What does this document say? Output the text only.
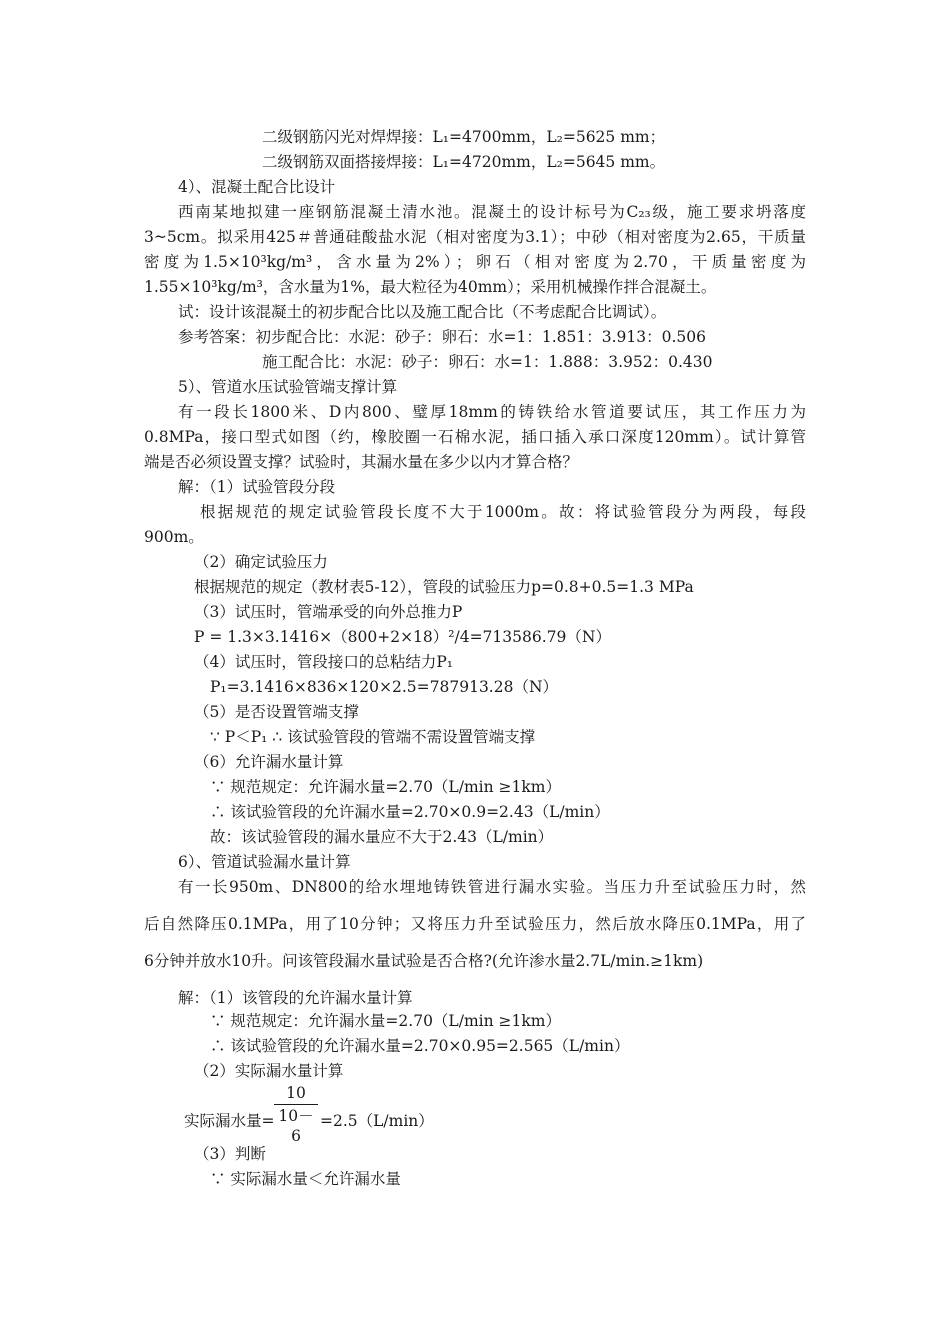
二级钢筋闪光对焊焊接：L₁=4700mm，L₂=5625 mm；
二级钢筋双面搭接焊接：L₁=4720mm，L₂=5645 mm。
4）、混凝土配合比设计
西南某地拟建一座钢筋混凝土清水池。混凝土的设计标号为C₂₃级，施工要求坍落度
3~5cm。拟采用425＃普通硅酸盐水泥（相对密度为3.1）；中砂（相对密度为2.65，干质量
密度为1.5×10³kg/m³，含水量为2%）；卵石（相对密度为2.70，干质量密度为
1.55×10³kg/m³，含水量为1%，最大粒径为40mm）；采用机械操作拌合混凝土。
试：设计该混凝土的初步配合比以及施工配合比（不考虑配合比调试）。
参考答案：初步配合比：水泥：砂子：卵石：水=1：1.851：3.913：0.506
施工配合比：水泥：砂子：卵石：水=1：1.888：3.952：0.430
5）、管道水压试验管端支撑计算
有一段长1800米、D内800、璧厚18mm的铸铁给水管道要试压，其工作压力为
0.8MPa，接口型式如图（约，橡胶圈一石棉水泥，插口插入承口深度120mm）。试计算管
端是否必须设置支撑？试验时，其漏水量在多少以内才算合格？
解：（1）试验管段分段
根据规范的规定试验管段长度不大于1000m。故：将试验管段分为两段，每段
900m。
（2）确定试验压力
根据规范的规定（教材表5-12），管段的试验压力p=0.8+0.5=1.3 MPa
（3）试压时，管端承受的向外总推力P
P = 1.3×3.1416×（800+2×18）²/4=713586.79（N）
（4）试压时，管段接口的总粘结力P₁
P₁=3.1416×836×120×2.5=787913.28（N）
（5）是否设置管端支撑
∵ P＜P₁ ∴ 该试验管段的管端不需设置管端支撑
（6）允许漏水量计算
∵ 规范规定：允许漏水量=2.70（L/min ≥1km）
∴ 该试验管段的允许漏水量=2.70×0.9=2.43（L/min）
故：该试验管段的漏水量应不大于2.43（L/min）
6）、管道试验漏水量计算
有一长950m、DN800的给水埋地铸铁管进行漏水实验。当压力升至试验压力时，然
后自然降压0.1MPa，用了10分钟；又将压力升至试验压力，然后放水降压0.1MPa，用了
6分钟并放水10升。问该管段漏水量试验是否合格?(允许渗水量2.7L/min.≥1km)
解：（1）该管段的允许漏水量计算
∵ 规范规定：允许漏水量=2.70（L/min ≥1km）
∴ 该试验管段的允许漏水量=2.70×0.95=2.565（L/min）
（2）实际漏水量计算
实际漏水量=
10
10－6
=2.5（L/min）
（3）判断
∵ 实际漏水量＜允许漏水量
